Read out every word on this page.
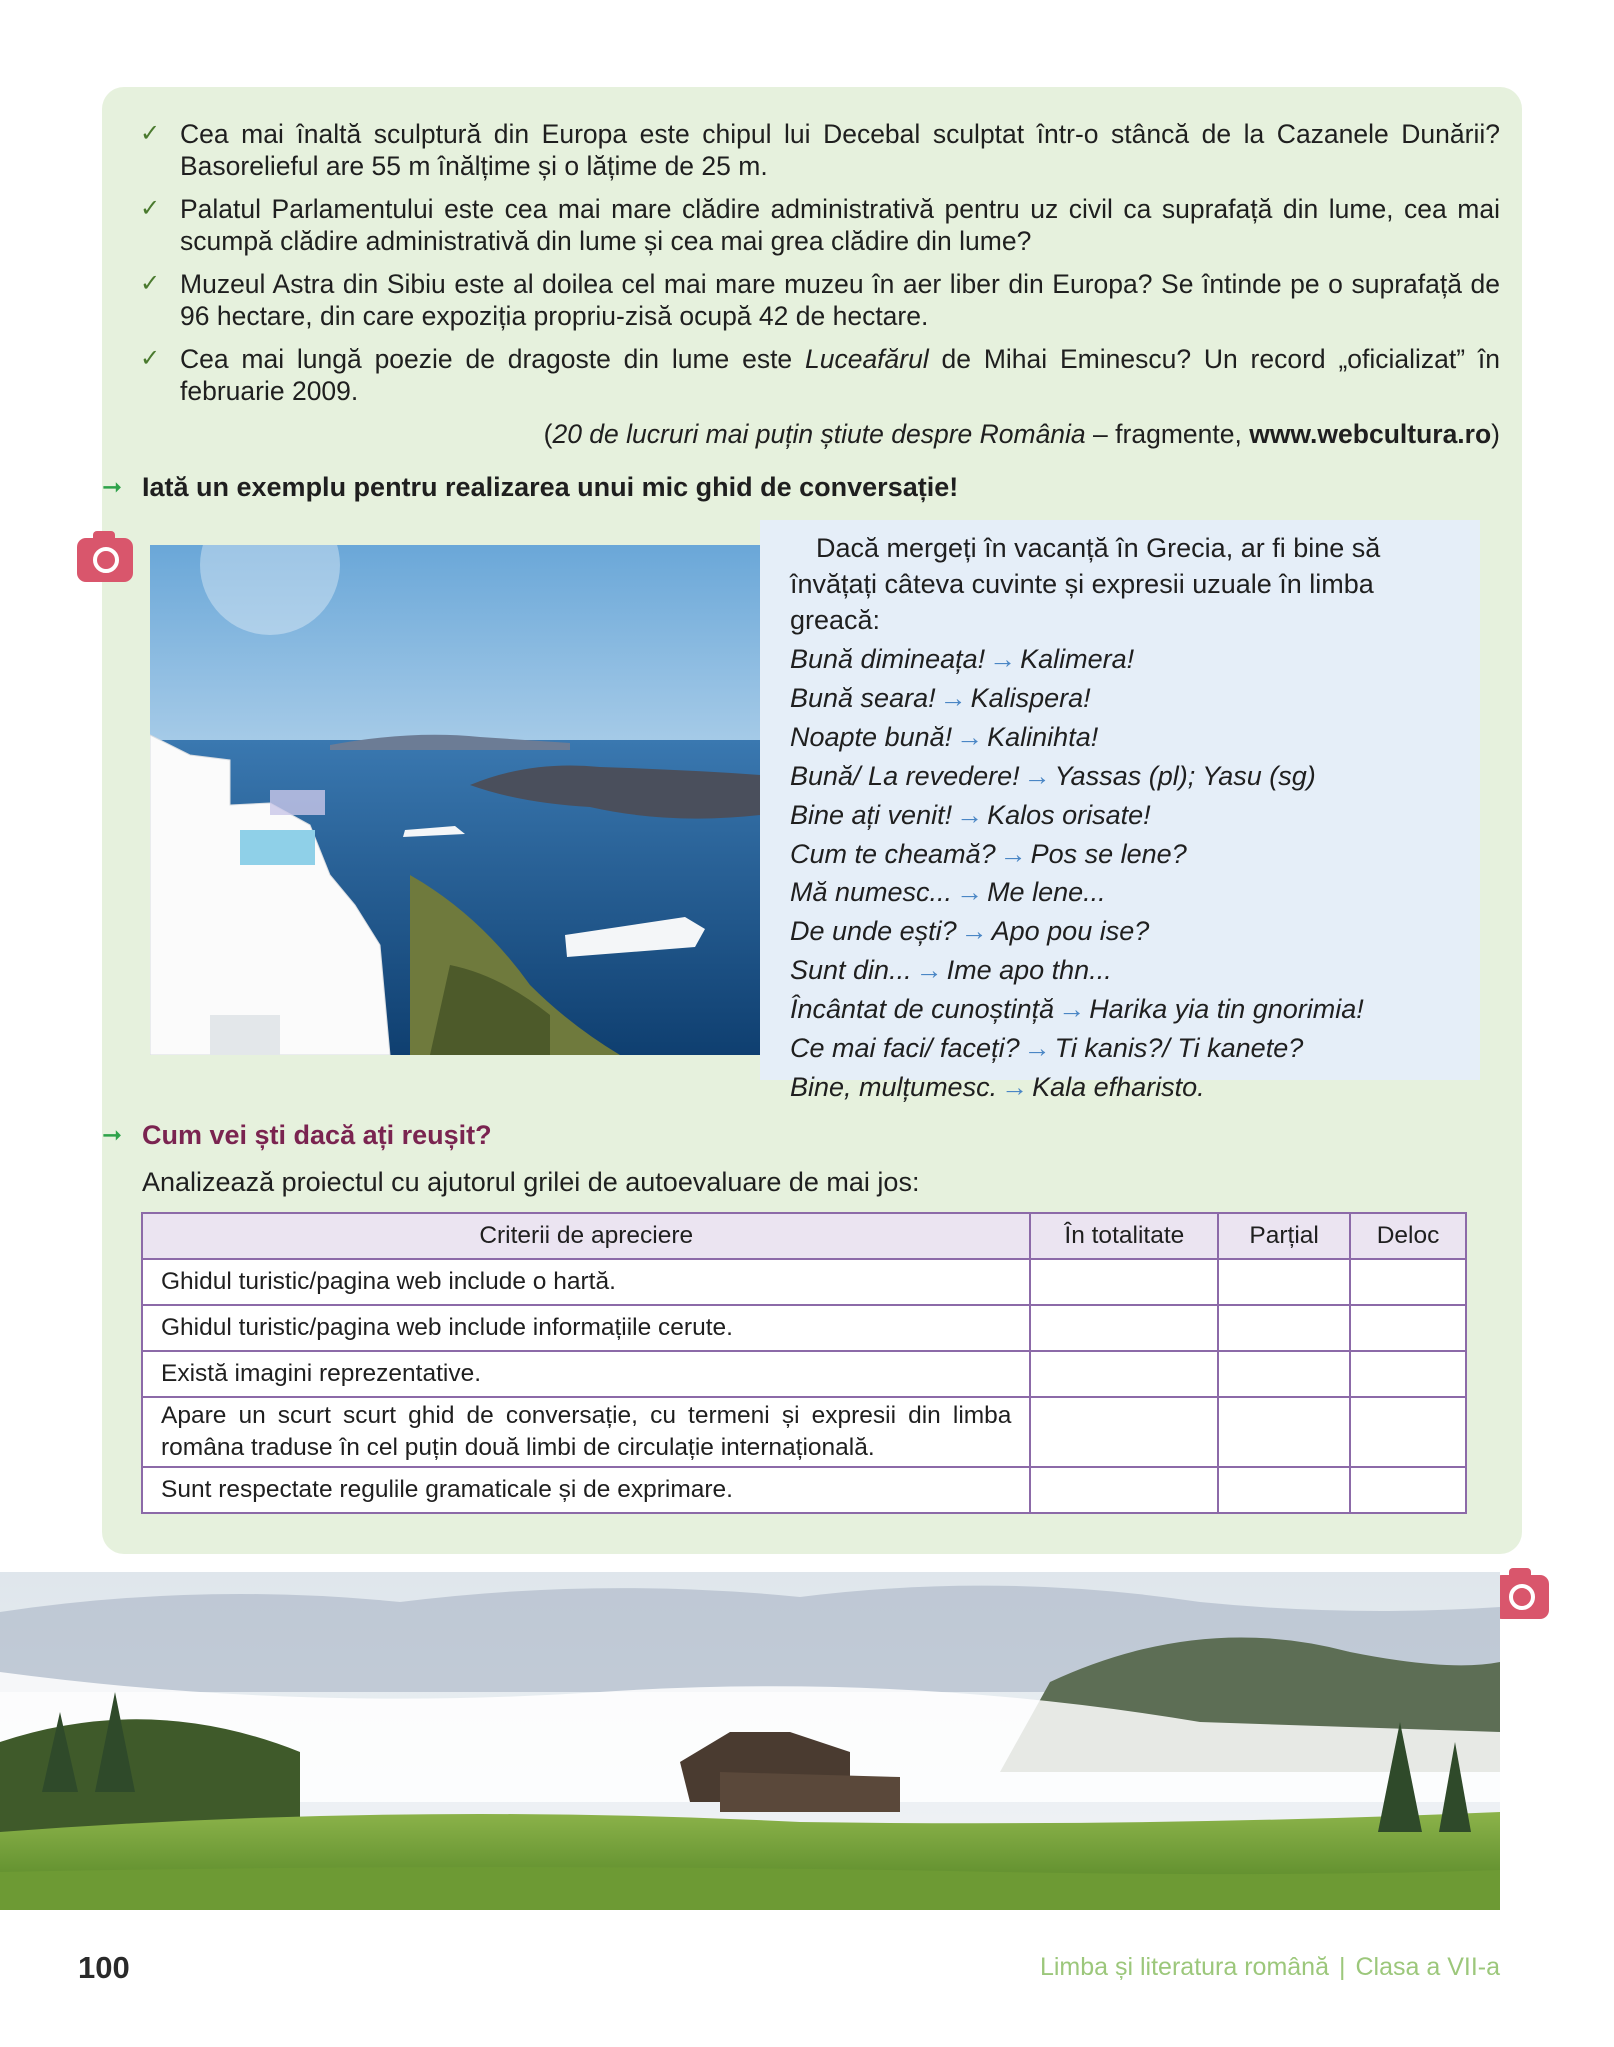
✓ Cea mai înaltă sculptură din Europa este chipul lui Decebal sculptat într-o stâncă de la Cazanele Dunării? Basorelieful are 55 m înălțime și o lățime de 25 m.
✓ Palatul Parlamentului este cea mai mare clădire administrativă pentru uz civil ca suprafață din lume, cea mai scumpă clădire administrativă din lume și cea mai grea clădire din lume?
✓ Muzeul Astra din Sibiu este al doilea cel mai mare muzeu în aer liber din Europa? Se întinde pe o suprafață de 96 hectare, din care expoziția propriu-zisă ocupă 42 de hectare.
✓ Cea mai lungă poezie de dragoste din lume este Luceafărul de Mihai Eminescu? Un record „oficializat” în februarie 2009.
(20 de lucruri mai puțin știute despre România – fragmente, www.webcultura.ro)
➞ Iată un exemplu pentru realizarea unui mic ghid de conversație!
Dacă mergeți în vacanță în Grecia, ar fi bine să învățați câteva cuvinte și expresii uzuale în limba greacă:
Bună dimineața! → Kalimera!
Bună seara! → Kalispera!
Noapte bună! → Kalinihta!
Bună/ La revedere! → Yassas (pl); Yasu (sg)
Bine ați venit! → Kalos orisate!
Cum te cheamă? → Pos se lene?
Mă numesc... → Me lene...
De unde ești? → Apo pou ise?
Sunt din... → Ime apo thn...
Încântat de cunoștință → Harika yia tin gnorimia!
Ce mai faci/ faceți? → Ti kanis?/ Ti kanete?
Bine, mulțumesc. → Kala efharisto.
➞ Cum vei ști dacă ați reușit?
Analizează proiectul cu ajutorul grilei de autoevaluare de mai jos:
Criterii de apreciere	În totalitate	Parțial	Deloc
Ghidul turistic/pagina web include o hartă.			
Ghidul turistic/pagina web include informațiile cerute.			
Există imagini reprezentative.			
Apare un scurt scurt ghid de conversație, cu termeni și expresii din limba româna traduse în cel puțin două limbi de circulație internațională.			
Sunt respectate regulile gramaticale și de exprimare.			
100	Limba și literatura română | Clasa a VII-a
